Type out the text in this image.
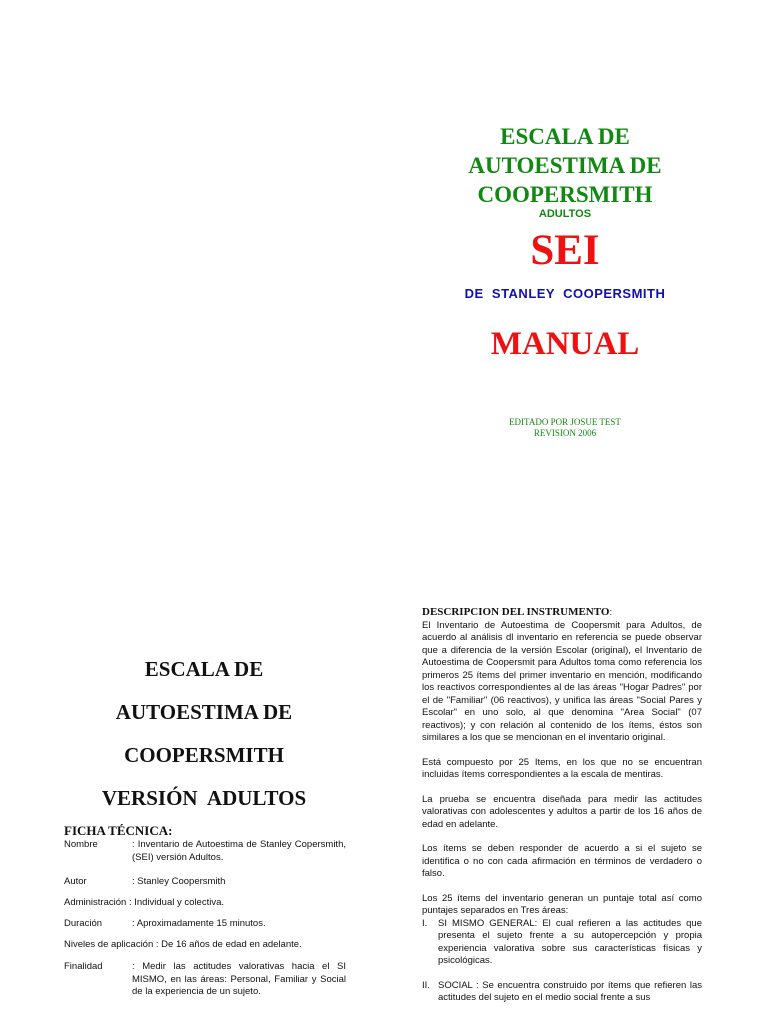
ESCALA DE
AUTOESTIMA DE
COOPERSMITH
ADULTOS
SEI
DE  STANLEY  COOPERSMITH
MANUAL
EDITADO POR JOSUE TEST
REVISION 2006
ESCALA DE
AUTOESTIMA DE
COOPERSMITH
VERSIÓN  ADULTOS
FICHA TÉCNICA:
Nombre	: Inventario de Autoestima de Stanley Copersmith, (SEI) versión Adultos.
Autor	: Stanley Coopersmith
Administración : Individual y colectiva.
Duración	: Aproximadamente 15 minutos.
Niveles de aplicación : De 16 años de edad en adelante.
Finalidad	: Medir las actitudes valorativas hacia el SI MISMO, en las áreas: Personal, Familiar y Social de la experiencia de un sujeto.
DESCRIPCION DEL INSTRUMENTO:

El Inventario de Autoestima de Coopersmit para Adultos, de acuerdo al análisis dl inventario en referencia se puede observar que a diferencia de la versión Escolar (original), el Inventario de Autoestima de Coopersmit para Adultos toma como referencia los primeros 25 ítems del primer inventario en mención, modificando los reactivos correspondientes al de las áreas "Hogar Padres" por el de "Familiar" (06 reactivos), y unifica las áreas "Social Pares y Escolar" en uno solo, al que denomina "Area Social" (07 reactivos); y con relación al contenido de los ítems, éstos son similares a los que se mencionan en el inventario original.

Está compuesto por 25 Items, en los que no se encuentran incluidas ítems correspondientes a la escala de mentiras.

La prueba se encuentra diseñada para medir las actitudes valorativas con adolescentes y adultos a partir de los 16 años de edad en adelante.

Los ítems se deben responder de acuerdo a si el sujeto se identifica o no con cada afirmación en términos de verdadero o falso.

Los 25 ítems del inventario generan un puntaje total así como puntajes separados en Tres áreas:

I.	SI MISMO GENERAL: El cual refieren a las actitudes que presenta el sujeto frente a su autopercepción y propia experiencia valorativa sobre sus características físicas y psicológicas.
II. SOCIAL : Se encuentra construido por ítems que refieren las actitudes del sujeto en el medio social frente a sus
